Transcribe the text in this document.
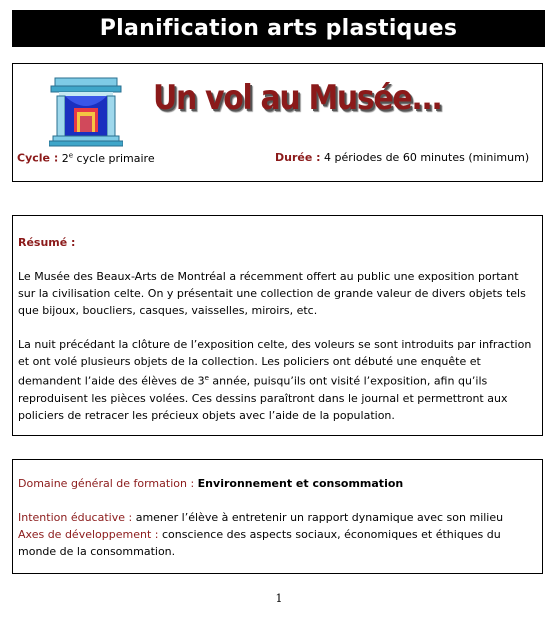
Planification arts plastiques
Un vol au Musée...
Cycle : 2e cycle primaire	Durée : 4 périodes de 60 minutes (minimum)
Résumé :
Le Musée des Beaux-Arts de Montréal a récemment offert au public une exposition portant sur la civilisation celte. On y présentait une collection de grande valeur de divers objets tels que bijoux, boucliers, casques, vaisselles, miroirs, etc.
La nuit précédant la clôture de l’exposition celte, des voleurs se sont introduits par infraction et ont volé plusieurs objets de la collection. Les policiers ont débuté une enquête et demandent l’aide des élèves de 3e année, puisqu’ils ont visité l’exposition, afin qu’ils reproduisent les pièces volées. Ces dessins paraîtront dans le journal et permettront aux policiers de retracer les précieux objets avec l’aide de la population.
Domaine général de formation : Environnement et consommation
Intention éducative : amener l’élève à entretenir un rapport dynamique avec son milieu
Axes de développement : conscience des aspects sociaux, économiques et éthiques du monde de la consommation.
1
